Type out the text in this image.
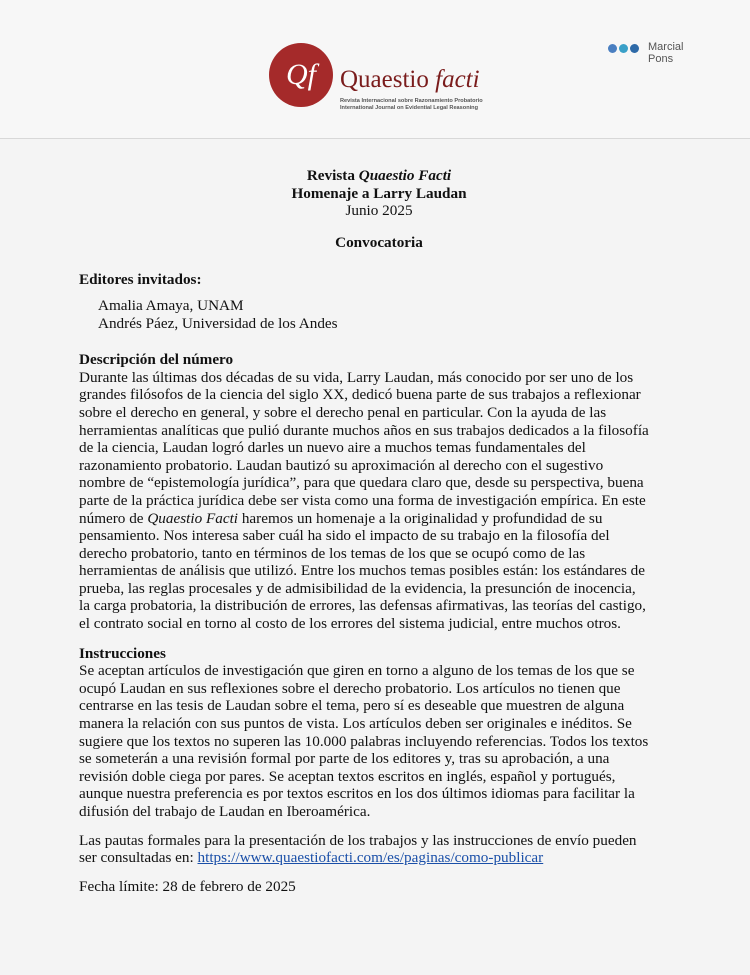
Qf Quaestio facti
Revista Internacional sobre Razonamiento Probatorio
International Journal on Evidential Legal Reasoning
Marcial
Pons
Revista Quaestio Facti
Homenaje a Larry Laudan
Junio 2025
Convocatoria
Editores invitados:
Amalia Amaya, UNAM
Andrés Páez, Universidad de los Andes
Descripción del número
Durante las últimas dos décadas de su vida, Larry Laudan, más conocido por ser uno de los
grandes filósofos de la ciencia del siglo XX, dedicó buena parte de sus trabajos a reflexionar
sobre el derecho en general, y sobre el derecho penal en particular. Con la ayuda de las
herramientas analíticas que pulió durante muchos años en sus trabajos dedicados a la filosofía
de la ciencia, Laudan logró darles un nuevo aire a muchos temas fundamentales del
razonamiento probatorio. Laudan bautizó su aproximación al derecho con el sugestivo
nombre de “epistemología jurídica”, para que quedara claro que, desde su perspectiva, buena
parte de la práctica jurídica debe ser vista como una forma de investigación empírica. En este
número de Quaestio Facti haremos un homenaje a la originalidad y profundidad de su
pensamiento. Nos interesa saber cuál ha sido el impacto de su trabajo en la filosofía del
derecho probatorio, tanto en términos de los temas de los que se ocupó como de las
herramientas de análisis que utilizó. Entre los muchos temas posibles están: los estándares de
prueba, las reglas procesales y de admisibilidad de la evidencia, la presunción de inocencia,
la carga probatoria, la distribución de errores, las defensas afirmativas, las teorías del castigo,
el contrato social en torno al costo de los errores del sistema judicial, entre muchos otros.
Instrucciones
Se aceptan artículos de investigación que giren en torno a alguno de los temas de los que se
ocupó Laudan en sus reflexiones sobre el derecho probatorio. Los artículos no tienen que
centrarse en las tesis de Laudan sobre el tema, pero sí es deseable que muestren de alguna
manera la relación con sus puntos de vista. Los artículos deben ser originales e inéditos. Se
sugiere que los textos no superen las 10.000 palabras incluyendo referencias. Todos los textos
se someterán a una revisión formal por parte de los editores y, tras su aprobación, a una
revisión doble ciega por pares. Se aceptan textos escritos en inglés, español y portugués,
aunque nuestra preferencia es por textos escritos en los dos últimos idiomas para facilitar la
difusión del trabajo de Laudan en Iberoamérica.
Las pautas formales para la presentación de los trabajos y las instrucciones de envío pueden
ser consultadas en: https://www.quaestiofacti.com/es/paginas/como-publicar
Fecha límite: 28 de febrero de 2025
